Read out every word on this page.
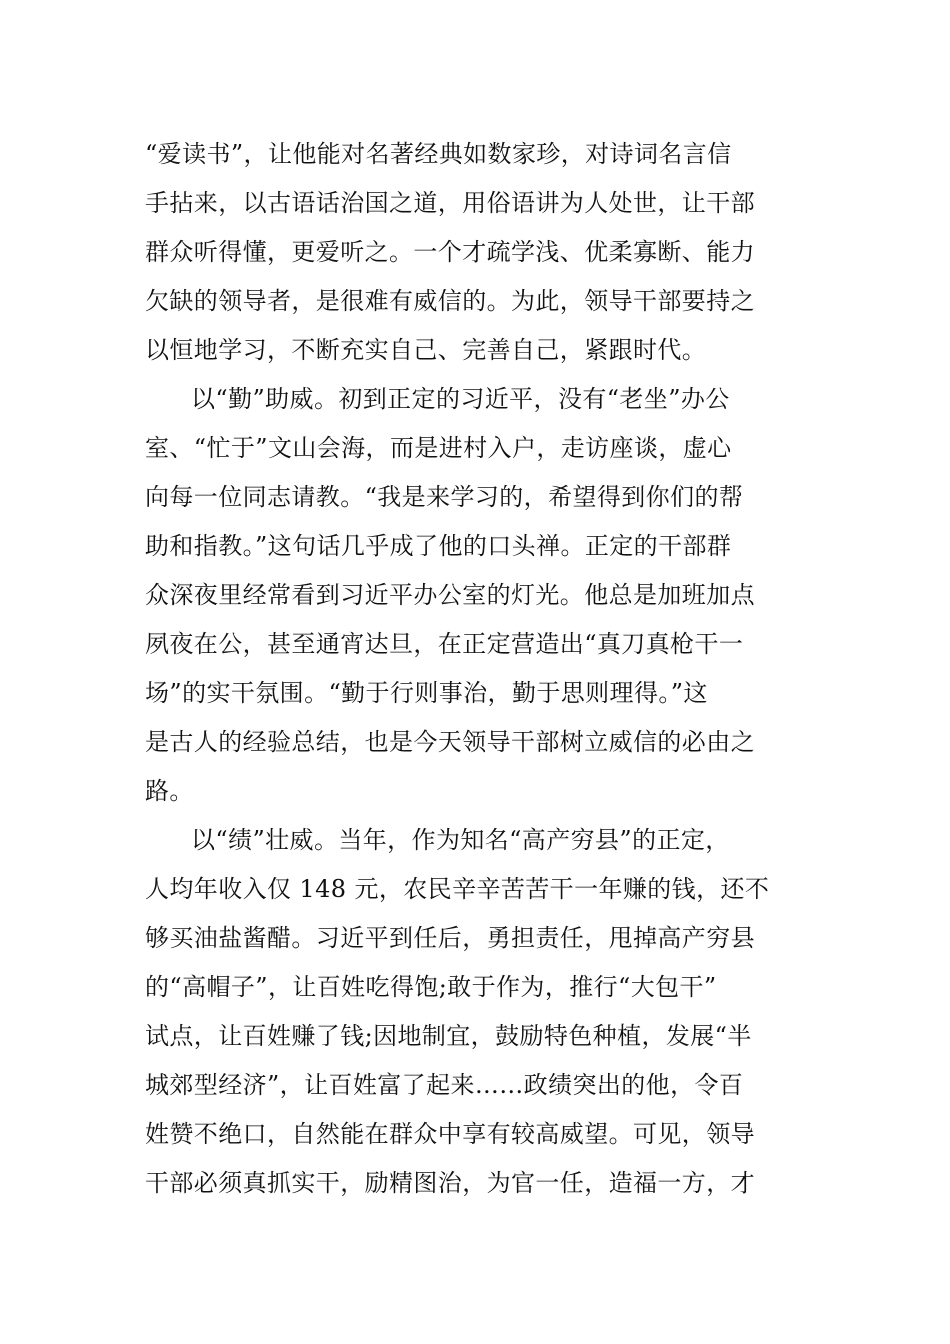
“爱读书”，让他能对名著经典如数家珍，对诗词名言信
手拈来，以古语话治国之道，用俗语讲为人处世，让干部
群众听得懂，更爱听之。一个才疏学浅、优柔寡断、能力
欠缺的领导者，是很难有威信的。为此，领导干部要持之
以恒地学习，不断充实自己、完善自己，紧跟时代。
以“勤”助威。初到正定的习近平，没有“老坐”办公
室、“忙于”文山会海，而是进村入户，走访座谈，虚心
向每一位同志请教。“我是来学习的，希望得到你们的帮
助和指教。”这句话几乎成了他的口头禅。正定的干部群
众深夜里经常看到习近平办公室的灯光。他总是加班加点
夙夜在公，甚至通宵达旦，在正定营造出“真刀真枪干一
场”的实干氛围。“勤于行则事治，勤于思则理得。”这
是古人的经验总结，也是今天领导干部树立威信的必由之
路。
以“绩”壮威。当年，作为知名“高产穷县”的正定，
人均年收入仅 148 元，农民辛辛苦苦干一年赚的钱，还不
够买油盐酱醋。习近平到任后，勇担责任，甩掉高产穷县
的“高帽子”，让百姓吃得饱;敢于作为，推行“大包干”
试点，让百姓赚了钱;因地制宜，鼓励特色种植，发展“半
城郊型经济”，让百姓富了起来……政绩突出的他，令百
姓赞不绝口，自然能在群众中享有较高威望。可见，领导
干部必须真抓实干，励精图治，为官一任，造福一方，才
